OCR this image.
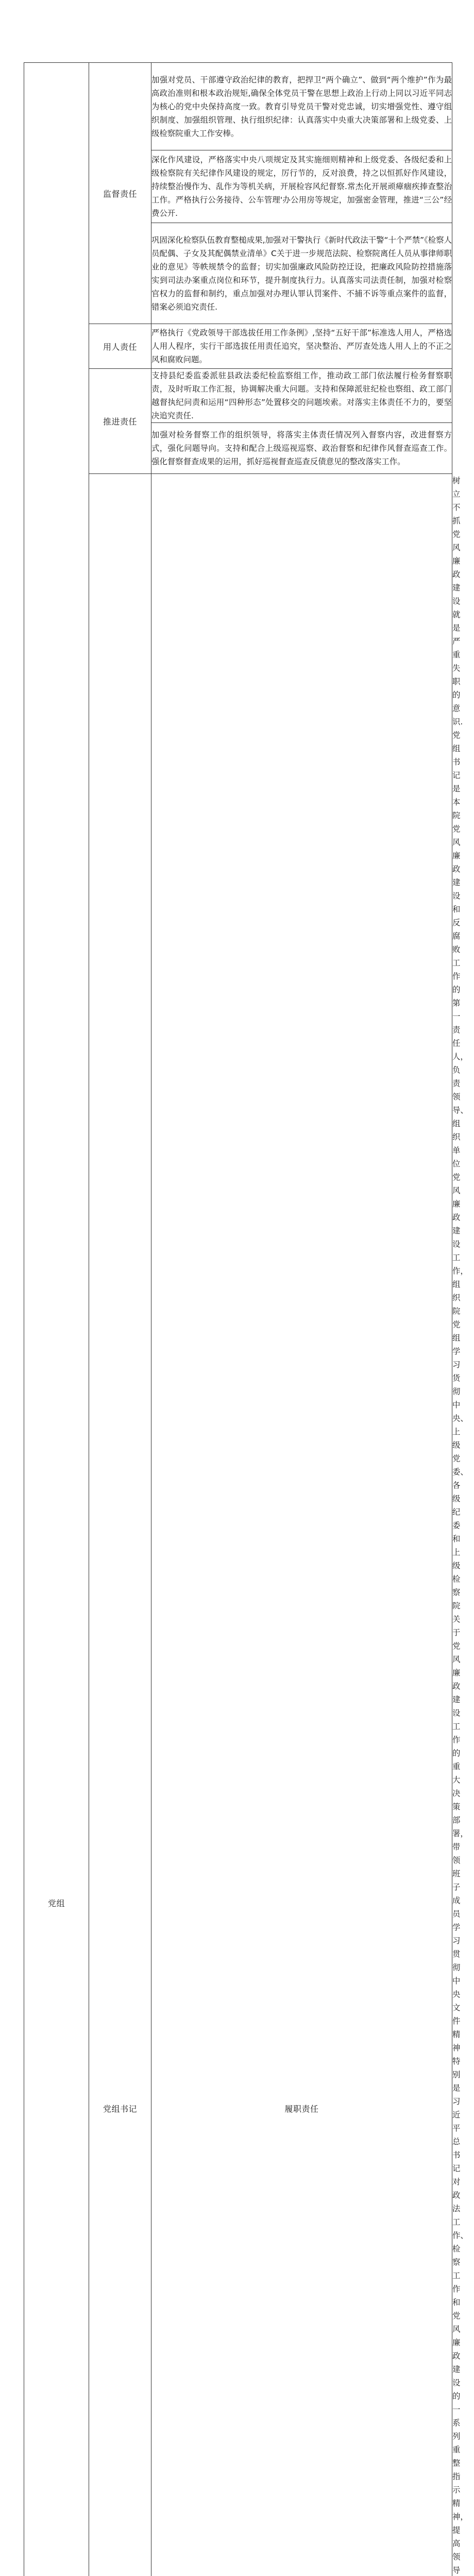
党组	监督责任	加强对党员、干部遵守政治纪律的教育，把捍卫“两个确立”、做到“两个维护”作为最高政治准则和根本政治规矩,确保全体党员干警在思想上政治上行动上同以习近平同志为核心的党中央保持高度一致。教育引导党员干警对党忠诚，切实增强党性、遵守组织制度、加强组织管理、执行组织纪律：认真落实中央重大决策部署和上级党委、上级检察院重大工作安棒。	

		深化作风建设，严格落实中央八项规定及其实施细则精神和上级党委、各级纪委和上级检察院有关纪律作风建设的规定，厉行节的，反对浪费，持之以恒抓好作风建设，持续整治慢作为、乱作为等机关病，开展检容风纪督察.常杰化开展顽瘴痼疾捧查整治工作。严格执行公务接待、公车管理'办公用房等规定，加强密金管理，推进“三公”经费公开.	

		巩固深化检察队伍教育整槌成果,加强对干警执行《新时代政法干警“十个严禁”《检察人员配偶、子女及其配偶禁业清单》C关于进一步规范法院、检察院离任人员从事律师职业的意见》等帙规禁令的监督；切实加强廉政风险防控迂设，把廉政风险防控措施落实到司法办案重点岗位和环节，提升制度执行力。认真落实司法责任制，加强对检察官权力的监督和制约，重点加强对办理认罪认罚案件、不捕不诉等重点案件的监督，错案必须追究责任.	

	用人责任	严格执行《党政领导干部选拔任用工作条例》,坚持“五好干部”标准选人用人，严格选人用人程序，实行干部选拔任用责任追究，坚决整治、严厉查处选人用人上的不正之风和腐败问题。	

	推进责任	支持县纪委监委派驻县政法委纪检监察组工作，推动政工部门依法履行检务督察职责，及时听取工作汇报，协调解决重大问题。支持和保障派驻纪检也察组、政工部门越督执纪问责和运用“四种形态”处置移交的问题埃索。对落实主体责任不力的，要坚决追究责任.	

		加强对检务督察工作的组织领导，将落实主体责任情况列入督察内容，改进督察方式，强化问题导向。支持和配合上级巡视巡察、政治督察和纪律作风督查巡查工作。强化督察督查成果的运用，抓好巡视督查巡查反债意见的整改落实工作。	

	党组书记	履职责任	树立不抓党风廉政建设就是严重失职的意识.党组书记是本院党风廉政建设和反腐败工作的第一责任人，负责领导、组织单位党风廉政建设工作，组织院党组学习货彻中央、上级党委、各级纪委和上级检察院关于党风廉政建设工作的重大决策部署，带领班子成员学习贯彻中央文件精神特别是习近平总书记对政法工作、检察工作和党风廉政建设的一系列重整指示精神，提高领导
